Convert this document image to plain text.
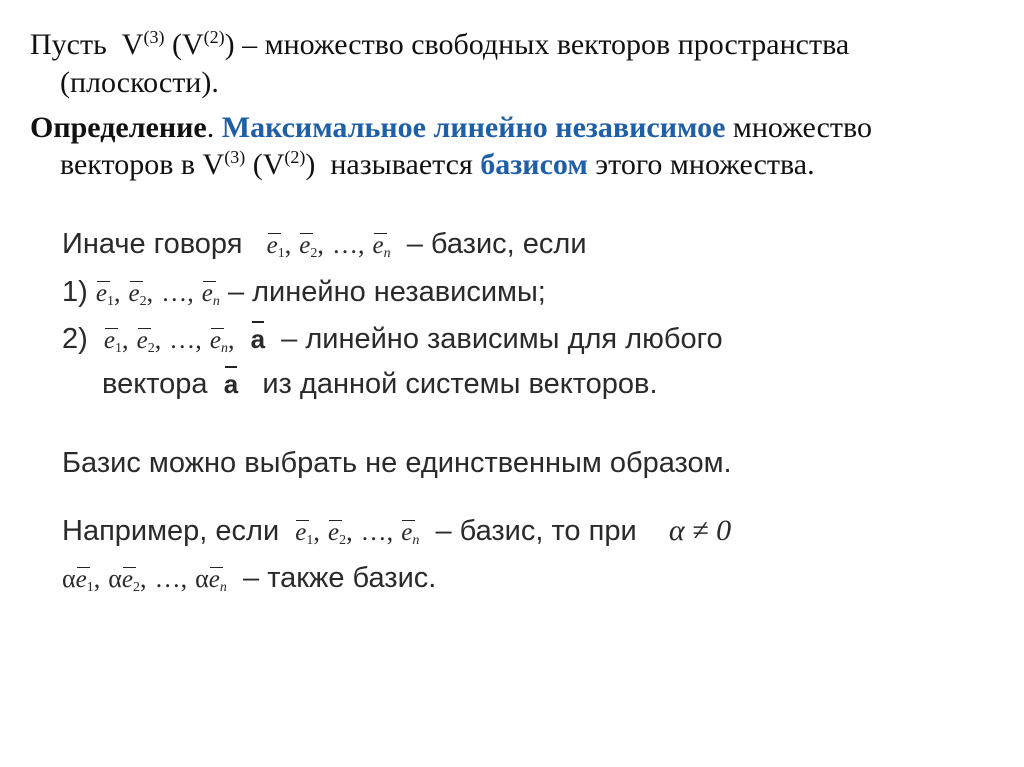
Пусть $V^{(3)}$ $(V^{(2)})$ – множество свободных векторов пространства
(плоскости).
Определение. Максимальное линейно независимое множество
векторов в $V^{(3)}$ $(V^{(2)})$  называется базисом этого множества.
Иначе говоря $e_1$, $e_2$, …, $e_n$ – базис, если
1) $e_1$, $e_2$, …, $e_n$ – линейно независимы;
2) $e_1$, $e_2$, …, $e_n$, a – линейно зависимы для любого
вектора a из данной системы векторов.
Базис можно выбрать не единственным образом.
Например, если $e_1$, $e_2$, …, $e_n$ – базис, то при α ≠ 0
α
$e_1$, α
$e_2$, …, α
$e_n$ – также базис.
